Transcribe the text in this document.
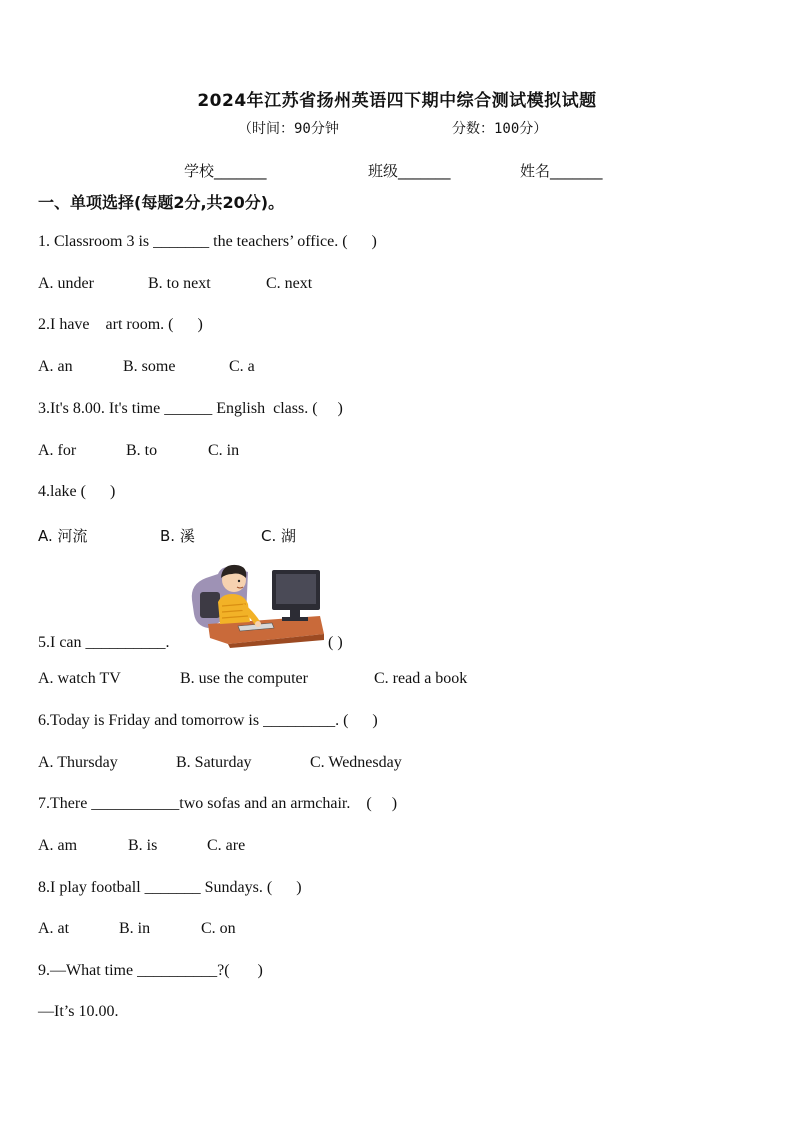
2024年江苏省扬州英语四下期中综合测试模拟试题
（时间：90分钟	分数：100分）
学校_______	班级_______	姓名_______
一、单项选择(每题2分,共20分)。
1. Classroom 3 is _______ the teachers’ office. (      )
A. under	B. to next	C. next
2.I have    art room. (      )
A. an	B. some	C. a
3.It's 8.00. It's time ______ English  class. (     )
A. for	B. to	C. in
4.lake (      )
A. 河流	B. 溪	C. 湖
5.I can __________.	( )
A. watch TV	B. use the computer	C. read a book
6.Today is Friday and tomorrow is _________. (      )
A. Thursday	B. Saturday	C. Wednesday
7.There ___________two sofas and an armchair.    (     )
A. am	B. is	C. are
8.I play football _______ Sundays. (      )
A. at	B. in	C. on
9.—What time __________?(       )
—It’s 10.00.
